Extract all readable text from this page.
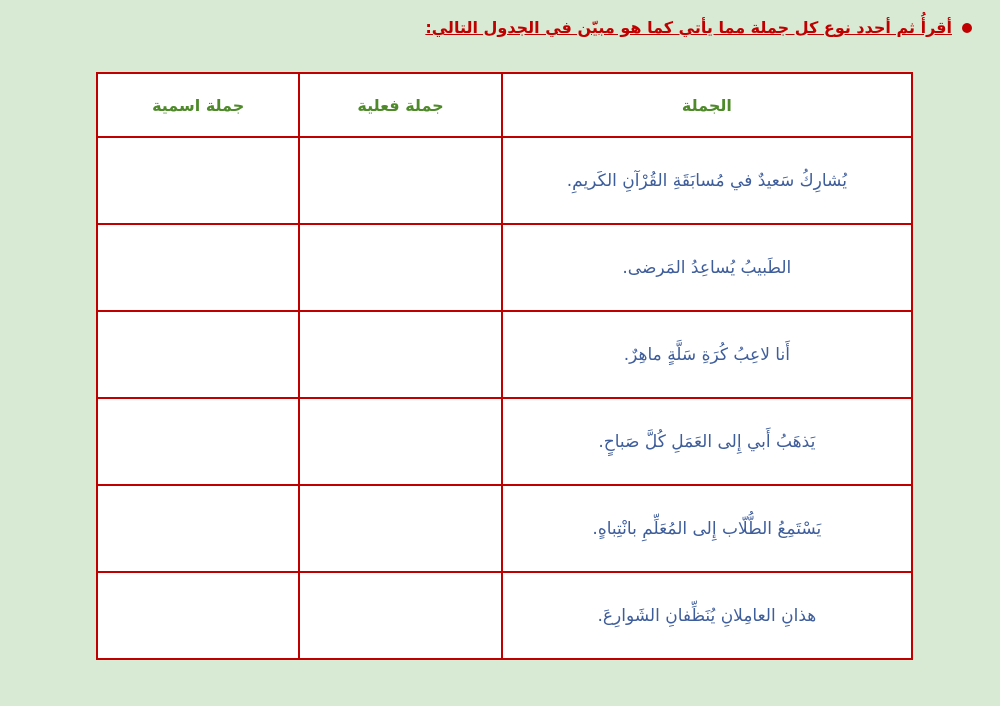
أقرأُ ثم أحدد نوع كل جملة مما يأتي كما هو مبيّن في الجدول التالي:
الجملة	جملة فعلية	جملة اسمية
يُشارِكُ سَعيدٌ في مُسابَقَةِ القُرْآنِ الكَريمِ.		
الطَبيبُ يُساعِدُ المَرضى.		
أَنا لاعِبُ كُرَةِ سَلَّةٍ ماهِرٌ.		
يَذهَبُ أَبي إِلى العَمَلِ كُلَّ صَباحٍ.		
يَسْتَمِعُ الطُّلّاب إِلى المُعَلِّمِ بانْتِباهٍ.		
هذانِ العامِلانِ يُنَظِّفانِ الشَوارِعَ.		
